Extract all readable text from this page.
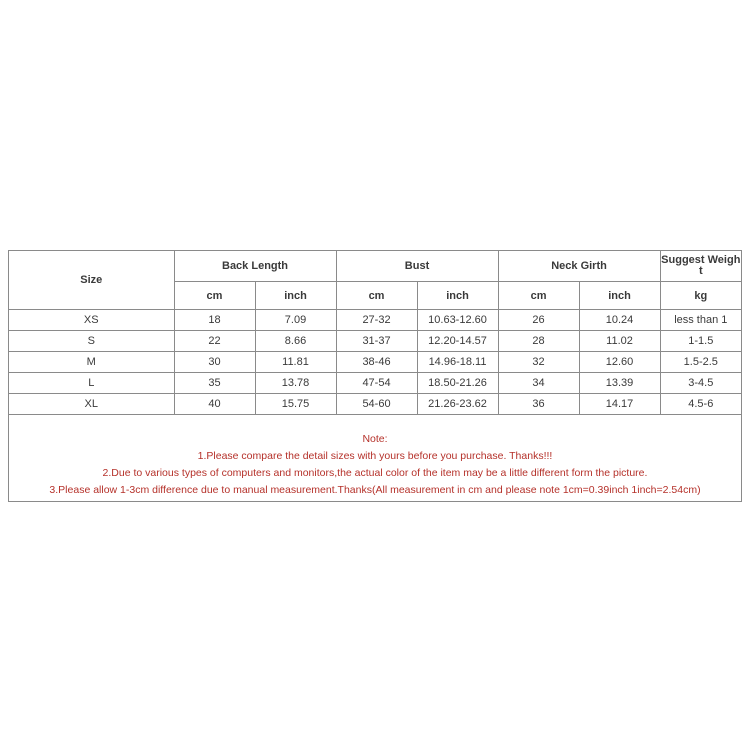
Size	Back Length		Bust		Neck Girth		Suggest Weight
	cm	inch	cm	inch	cm	inch	kg
XS	18	7.09	27-32	10.63-12.60	26	10.24	less than 1
S	22	8.66	31-37	12.20-14.57	28	11.02	1-1.5
M	30	11.81	38-46	14.96-18.11	32	12.60	1.5-2.5
L	35	13.78	47-54	18.50-21.26	34	13.39	3-4.5
XL	40	15.75	54-60	21.26-23.62	36	14.17	4.5-6
Note:
1.Please compare the detail sizes with yours before you purchase. Thanks!!!
2.Due to various types of computers and monitors,the actual color of the item may be a little different form the picture.
3.Please allow 1-3cm difference due to manual measurement.Thanks(All measurement in cm and please note 1cm=0.39inch 1inch=2.54cm)
